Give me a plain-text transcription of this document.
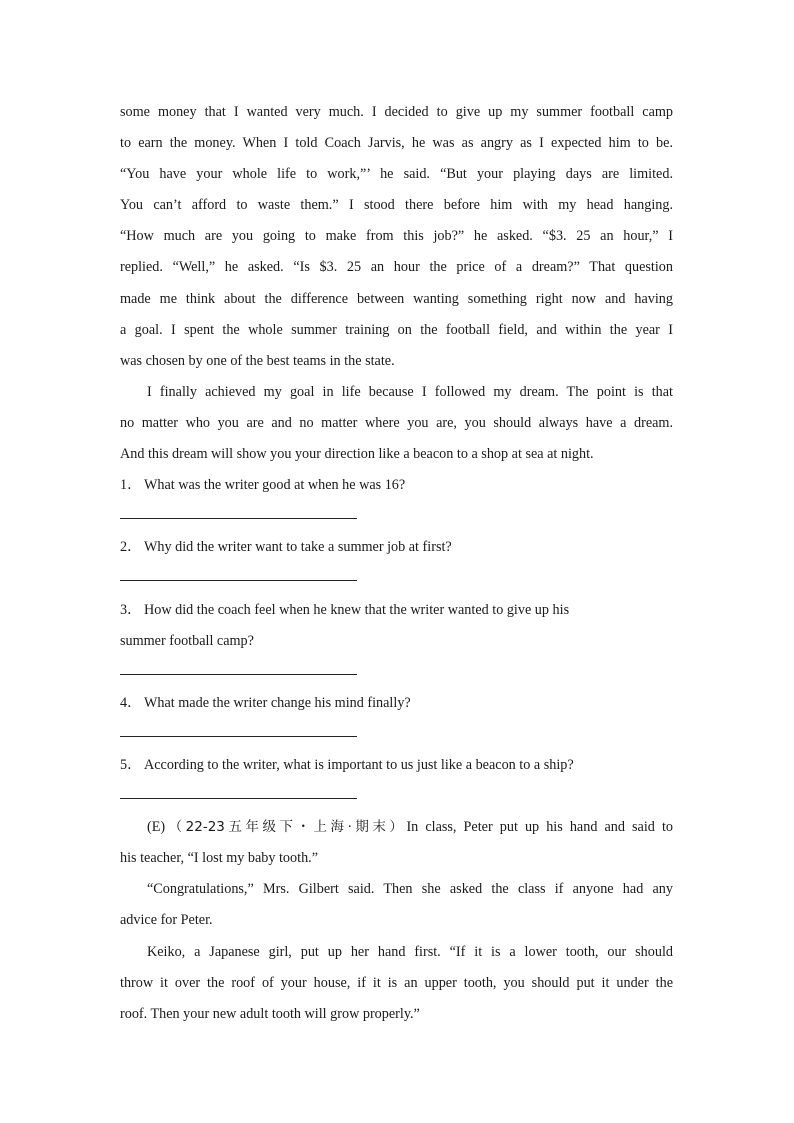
some money that I wanted very much. I decided to give up my summer football camp
to earn the money. When I told Coach Jarvis, he was as angry as I expected him to be.
“You have your whole life to work,”’ he said. “But your playing days are limited.
You can’t afford to waste them.” I stood there before him with my head hanging.
“How much are you going to make from this job?” he asked. “$3. 25 an hour,” I
replied. “Well,” he asked. “Is $3. 25 an hour the price of a dream?” That question
made me think about the difference between wanting something right now and having
a goal. I spent the whole summer training on the football field, and within the year I
was chosen by one of the best teams in the state.
I finally achieved my goal in life because I followed my dream. The point is that
no matter who you are and no matter where you are, you should always have a dream.
And this dream will show you your direction like a beacon to a shop at sea at night.
1． What was the writer good at when he was 16?
2． Why did the writer want to take a summer job at first?
3． How did the coach feel when he knew that the writer wanted to give up his
summer football camp?
4． What made the writer change his mind finally?
5． According to the writer, what is important to us just like a beacon to a ship?
(E)（22-23五年级下・上海·期末）In class, Peter put up his hand and said to
his teacher, “I lost my baby tooth.”
“Congratulations,” Mrs. Gilbert said. Then she asked the class if anyone had any
advice for Peter.
Keiko, a Japanese girl, put up her hand first. “If it is a lower tooth, our should
throw it over the roof of your house, if it is an upper tooth, you should put it under the
roof. Then your new adult tooth will grow properly.”
